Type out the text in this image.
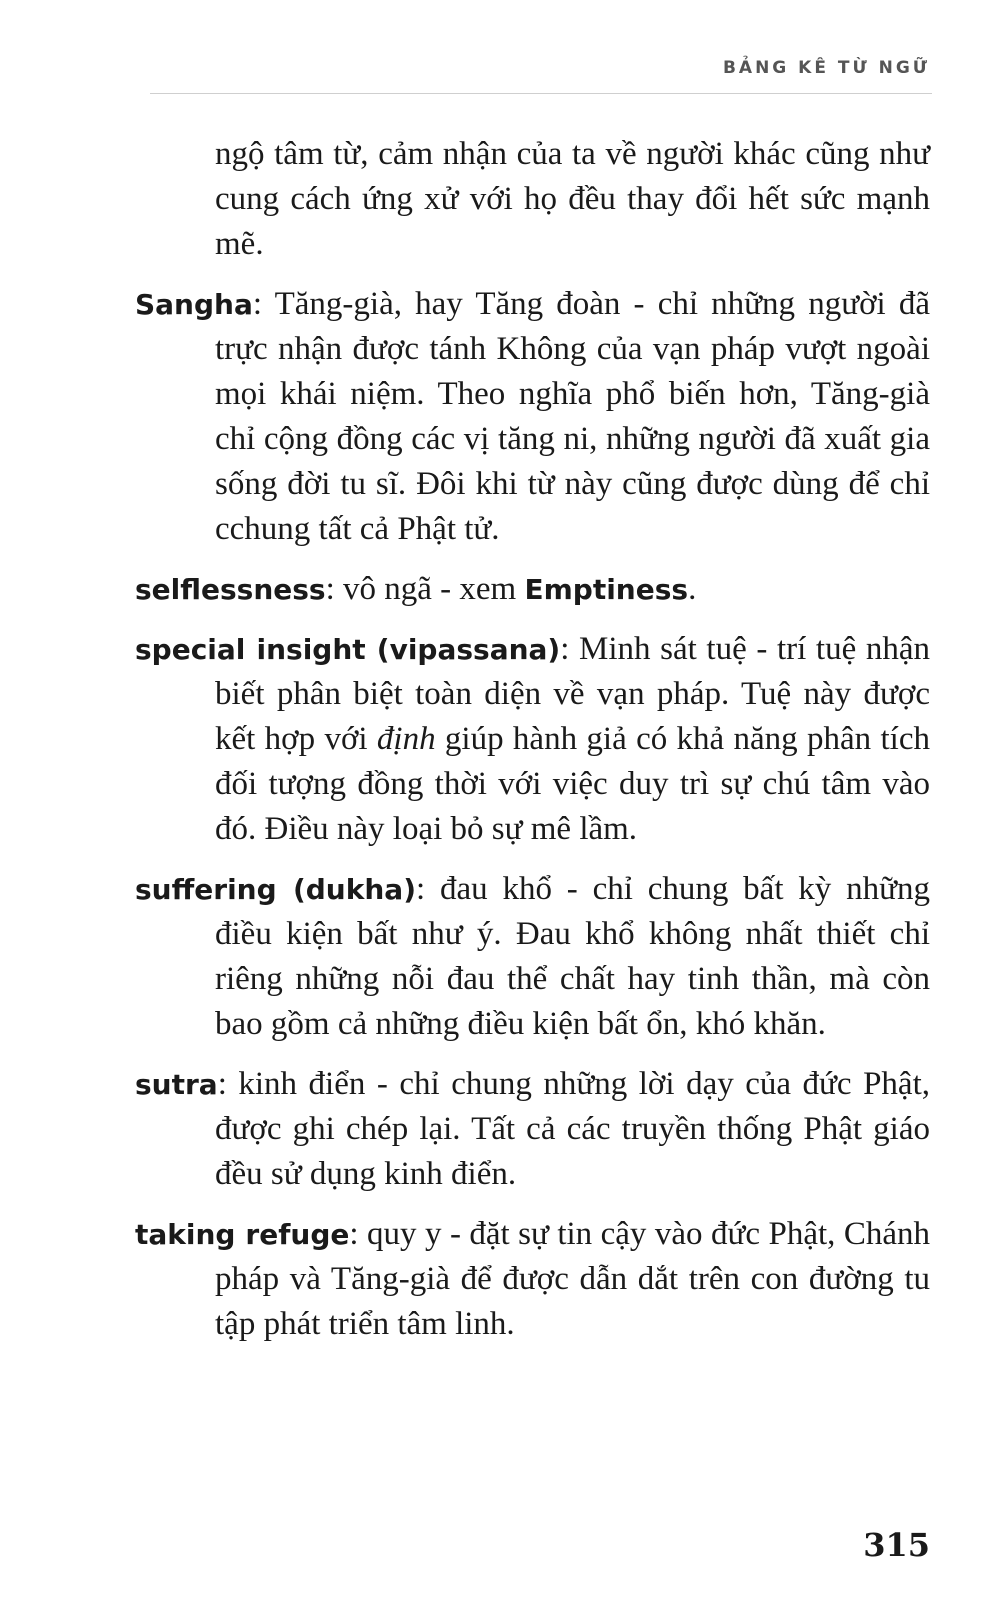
BẢNG KÊ TỪ NGỮ

ngộ tâm từ, cảm nhận của ta về người khác cũng như cung cách ứng xử với họ đều thay đổi hết sức mạnh mẽ.

Sangha: Tăng-già, hay Tăng đoàn - chỉ những người đã trực nhận được tánh Không của vạn pháp vượt ngoài mọi khái niệm. Theo nghĩa phổ biến hơn, Tăng-già chỉ cộng đồng các vị tăng ni, những người đã xuất gia sống đời tu sĩ. Đôi khi từ này cũng được dùng để chỉ cchung tất cả Phật tử.

selflessness: vô ngã - xem Emptiness.

special insight (vipassana): Minh sát tuệ - trí tuệ nhận biết phân biệt toàn diện về vạn pháp. Tuệ này được kết hợp với định giúp hành giả có khả năng phân tích đối tượng đồng thời với việc duy trì sự chú tâm vào đó. Điều này loại bỏ sự mê lầm.

suffering (dukha): đau khổ - chỉ chung bất kỳ những điều kiện bất như ý. Đau khổ không nhất thiết chỉ riêng những nỗi đau thể chất hay tinh thần, mà còn bao gồm cả những điều kiện bất ổn, khó khăn.

sutra: kinh điển - chỉ chung những lời dạy của đức Phật, được ghi chép lại. Tất cả các truyền thống Phật giáo đều sử dụng kinh điển.

taking refuge: quy y - đặt sự tin cậy vào đức Phật, Chánh pháp và Tăng-già để được dẫn dắt trên con đường tu tập phát triển tâm linh.

315
